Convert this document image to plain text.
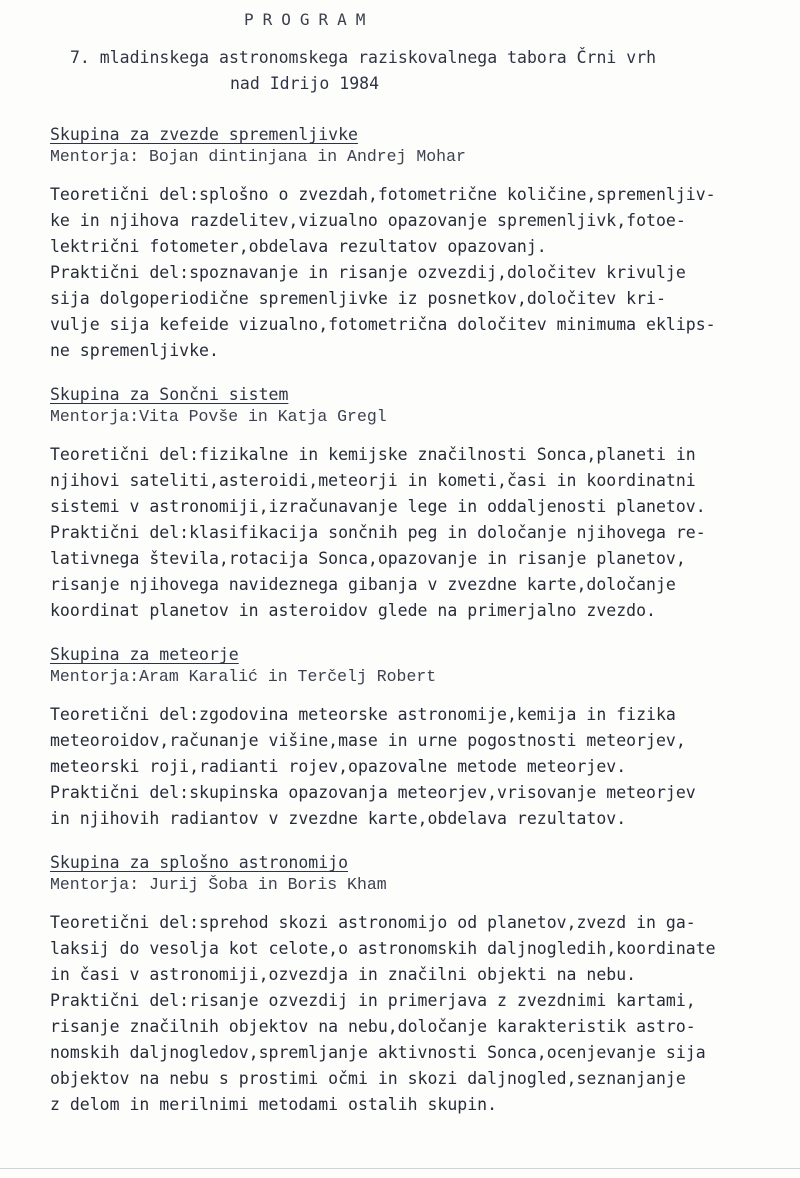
PROGRAM
7. mladinskega astronomskega raziskovalnega tabora Črni vrh
nad Idrijo 1984
Skupina za zvezde spremenljivke
Mentorja: Bojan dintinjana in Andrej Mohar
Teoretični del:splošno o zvezdah,fotometrične količine,spremenljiv-
ke in njihova razdelitev,vizualno opazovanje spremenljivk,fotoe-
lektrični fotometer,obdelava rezultatov opazovanj.
Praktični del:spoznavanje in risanje ozvezdij,določitev krivulje
sija dolgoperiodične spremenljivke iz posnetkov,določitev kri-
vulje sija kefeide vizualno,fotometrična določitev minimuma eklips-
ne spremenljivke.
Skupina za Sončni sistem
Mentorja:Vita Povše in Katja Gregl
Teoretični del:fizikalne in kemijske značilnosti Sonca,planeti in
njihovi sateliti,asteroidi,meteorji in kometi,časi in koordinatni
sistemi v astronomiji,izračunavanje lege in oddaljenosti planetov.
Praktični del:klasifikacija sončnih peg in določanje njihovega re-
lativnega števila,rotacija Sonca,opazovanje in risanje planetov,
risanje njihovega navideznega gibanja v zvezdne karte,določanje
koordinat planetov in asteroidov glede na primerjalno zvezdo.
Skupina za meteorje
Mentorja:Aram Karalić in Terčelj Robert
Teoretični del:zgodovina meteorske astronomije,kemija in fizika
meteoroidov,računanje višine,mase in urne pogostnosti meteorjev,
meteorski roji,radianti rojev,opazovalne metode meteorjev.
Praktični del:skupinska opazovanja meteorjev,vrisovanje meteorjev
in njihovih radiantov v zvezdne karte,obdelava rezultatov.
Skupina za splošno astronomijo
Mentorja: Jurij Šoba in Boris Kham
Teoretični del:sprehod skozi astronomijo od planetov,zvezd in ga-
laksij do vesolja kot celote,o astronomskih daljnogledih,koordinate
in časi v astronomiji,ozvezdja in značilni objekti na nebu.
Praktični del:risanje ozvezdij in primerjava z zvezdnimi kartami,
risanje značilnih objektov na nebu,določanje karakteristik astro-
nomskih daljnogledov,spremljanje aktivnosti Sonca,ocenjevanje sija
objektov na nebu s prostimi očmi in skozi daljnogled,seznanjanje
z delom in merilnimi metodami ostalih skupin.
